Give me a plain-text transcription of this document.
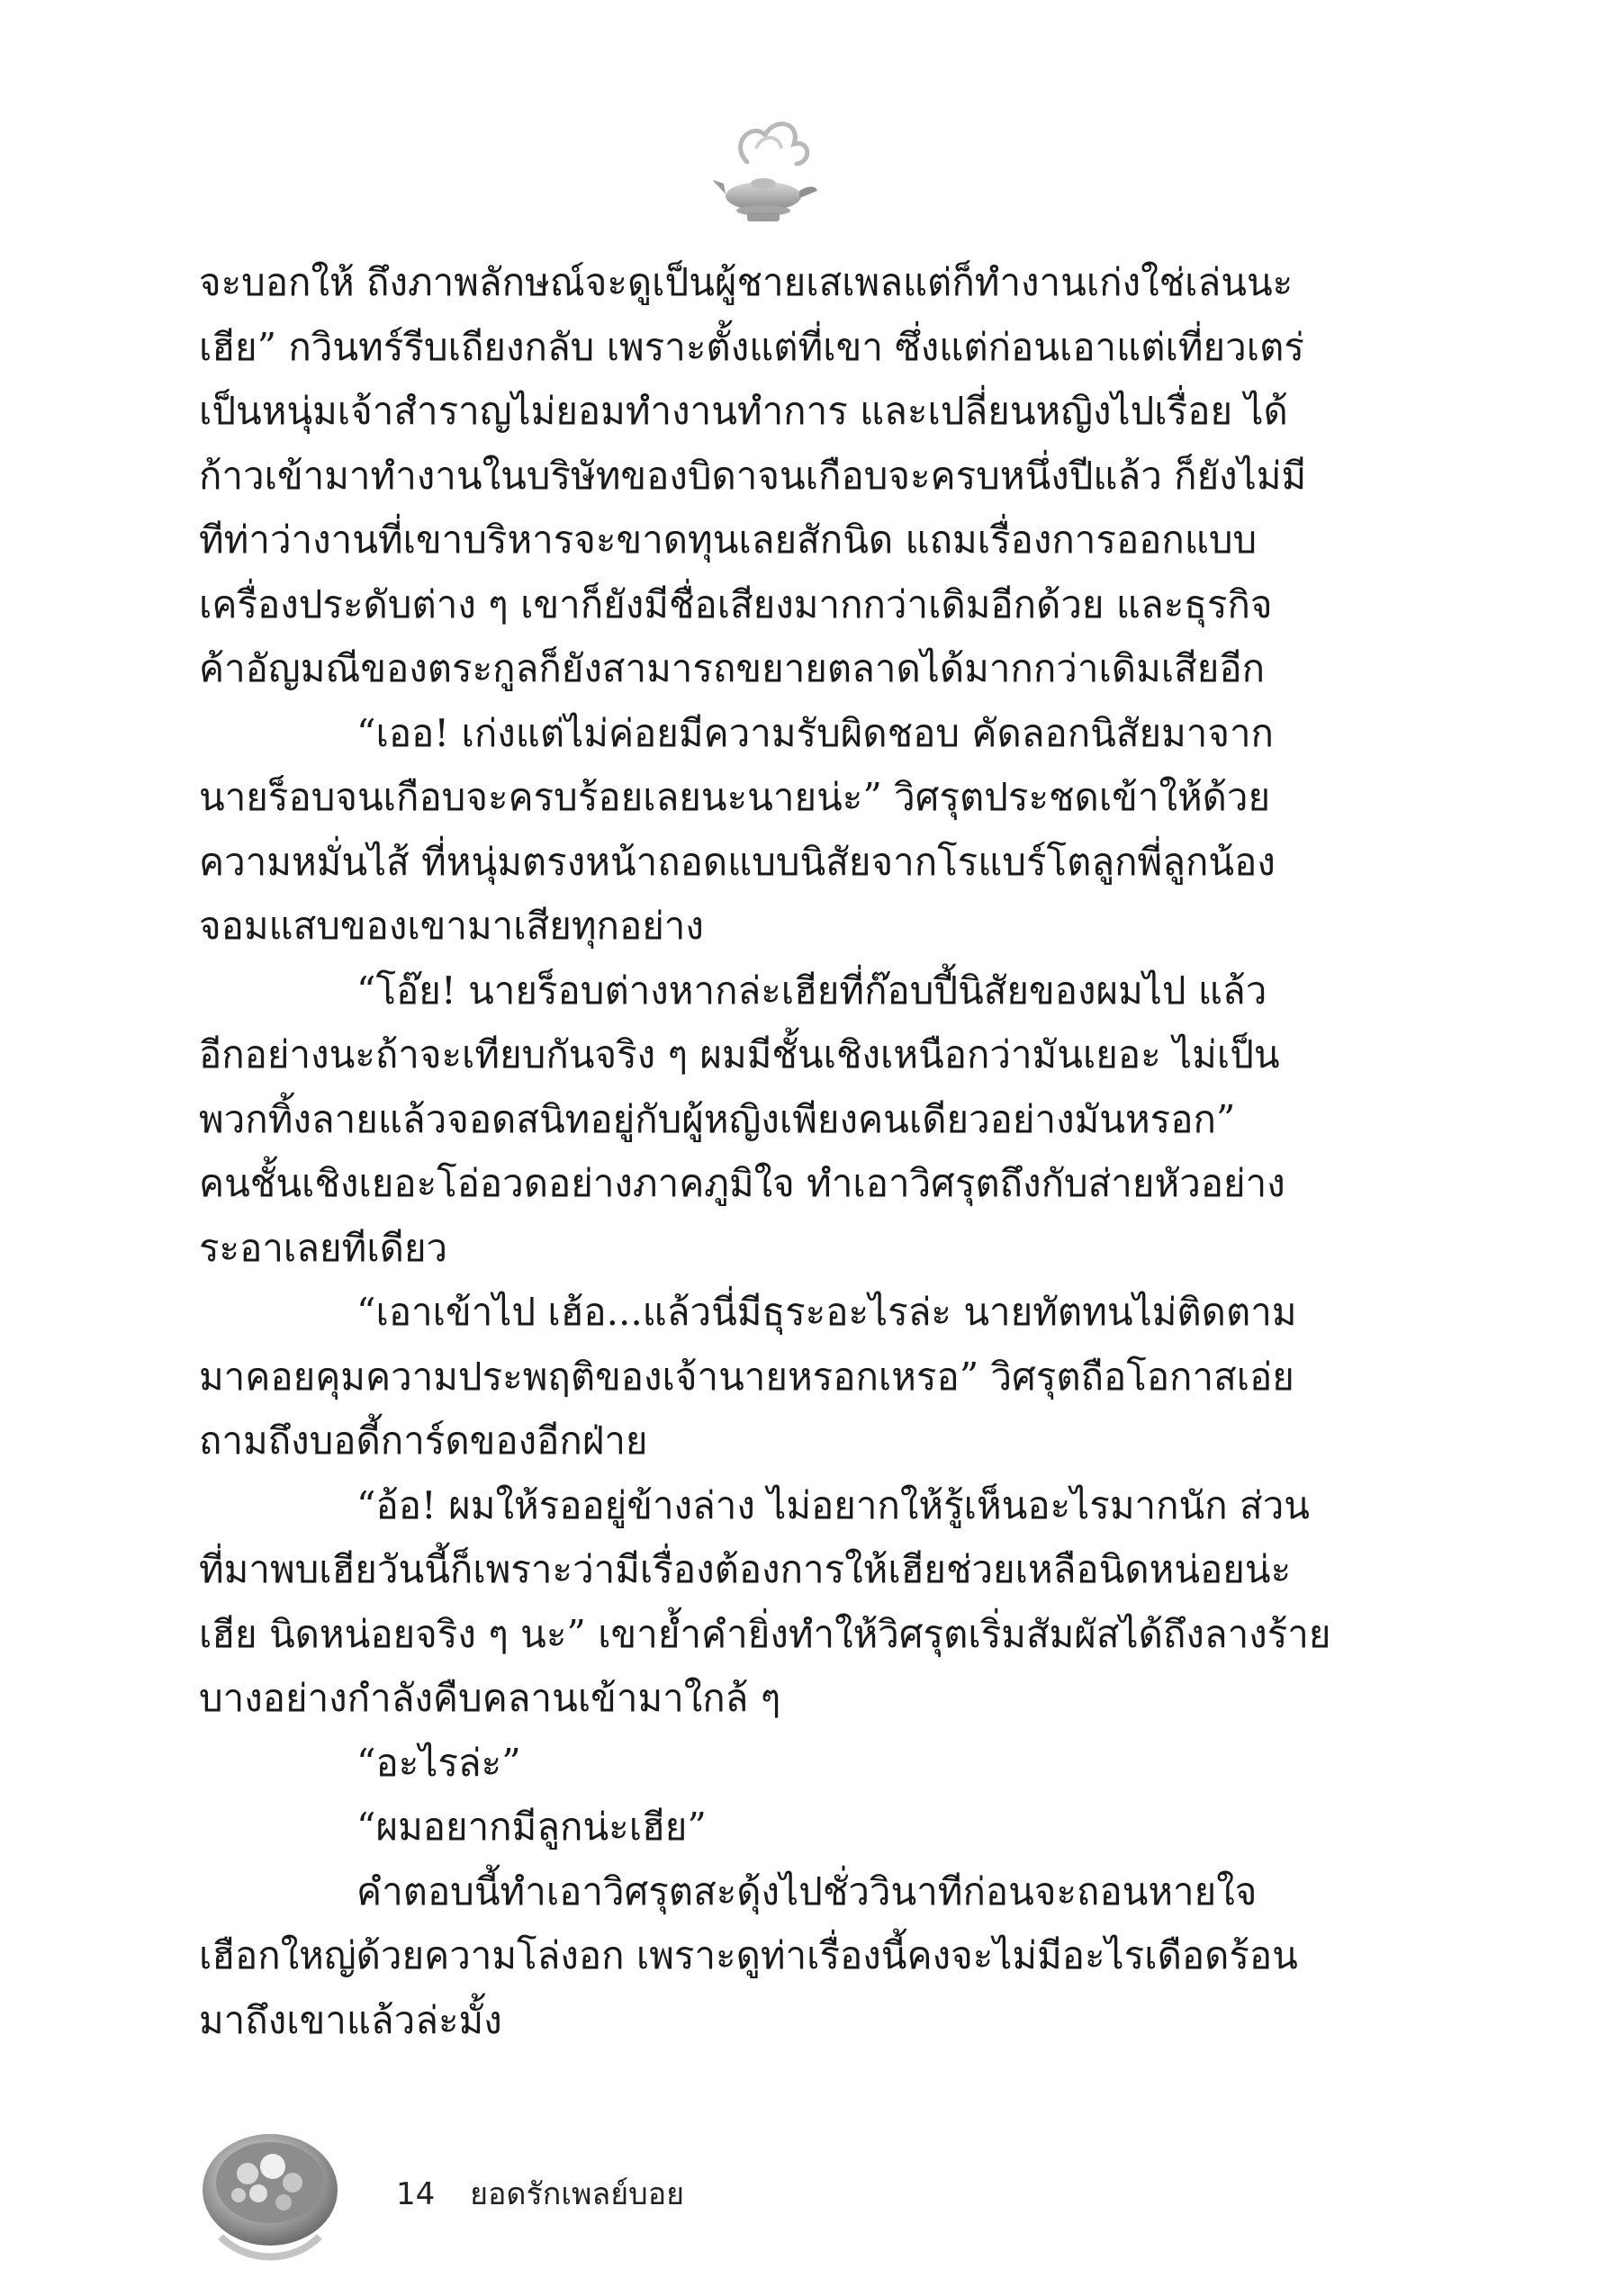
จะบอกให้ ถึงภาพลักษณ์จะดูเป็นผู้ชายเสเพลแต่ก็ทำงานเก่งใช่เล่นนะ
เฮีย” กวินทร์รีบเถียงกลับ เพราะตั้งแต่ที่เขา ซึ่งแต่ก่อนเอาแต่เที่ยวเตร่
เป็นหนุ่มเจ้าสำราญไม่ยอมทำงานทำการ และเปลี่ยนหญิงไปเรื่อย ได้
ก้าวเข้ามาทำงานในบริษัทของบิดาจนเกือบจะครบหนึ่งปีแล้ว ก็ยังไม่มี
ทีท่าว่างานที่เขาบริหารจะขาดทุนเลยสักนิด แถมเรื่องการออกแบบ
เครื่องประดับต่าง ๆ เขาก็ยังมีชื่อเสียงมากกว่าเดิมอีกด้วย และธุรกิจ
ค้าอัญมณีของตระกูลก็ยังสามารถขยายตลาดได้มากกว่าเดิมเสียอีก
“เออ! เก่งแต่ไม่ค่อยมีความรับผิดชอบ คัดลอกนิสัยมาจาก
นายร็อบจนเกือบจะครบร้อยเลยนะนายน่ะ” วิศรุตประชดเข้าให้ด้วย
ความหมั่นไส้ ที่หนุ่มตรงหน้าถอดแบบนิสัยจากโรแบร์โตลูกพี่ลูกน้อง
จอมแสบของเขามาเสียทุกอย่าง
“โอ๊ย! นายร็อบต่างหากล่ะเฮียที่ก๊อบปี้นิสัยของผมไป แล้ว
อีกอย่างนะถ้าจะเทียบกันจริง ๆ ผมมีชั้นเชิงเหนือกว่ามันเยอะ ไม่เป็น
พวกทิ้งลายแล้วจอดสนิทอยู่กับผู้หญิงเพียงคนเดียวอย่างมันหรอก”
คนชั้นเชิงเยอะโอ่อวดอย่างภาคภูมิใจ ทำเอาวิศรุตถึงกับส่ายหัวอย่าง
ระอาเลยทีเดียว
“เอาเข้าไป เฮ้อ...แล้วนี่มีธุระอะไรล่ะ นายทัตทนไม่ติดตาม
มาคอยคุมความประพฤติของเจ้านายหรอกเหรอ” วิศรุตถือโอกาสเอ่ย
ถามถึงบอดี้การ์ดของอีกฝ่าย
“อ้อ! ผมให้รออยู่ข้างล่าง ไม่อยากให้รู้เห็นอะไรมากนัก ส่วน
ที่มาพบเฮียวันนี้ก็เพราะว่ามีเรื่องต้องการให้เฮียช่วยเหลือนิดหน่อยน่ะ
เฮีย นิดหน่อยจริง ๆ นะ” เขาย้ำคำยิ่งทำให้วิศรุตเริ่มสัมผัสได้ถึงลางร้าย
บางอย่างกำลังคืบคลานเข้ามาใกล้ ๆ
“อะไรล่ะ”
“ผมอยากมีลูกน่ะเฮีย”
คำตอบนี้ทำเอาวิศรุตสะดุ้งไปชั่ววินาทีก่อนจะถอนหายใจ
เฮือกใหญ่ด้วยความโล่งอก เพราะดูท่าเรื่องนี้คงจะไม่มีอะไรเดือดร้อน
มาถึงเขาแล้วล่ะมั้ง
14 ยอดรักเพลย์บอย
